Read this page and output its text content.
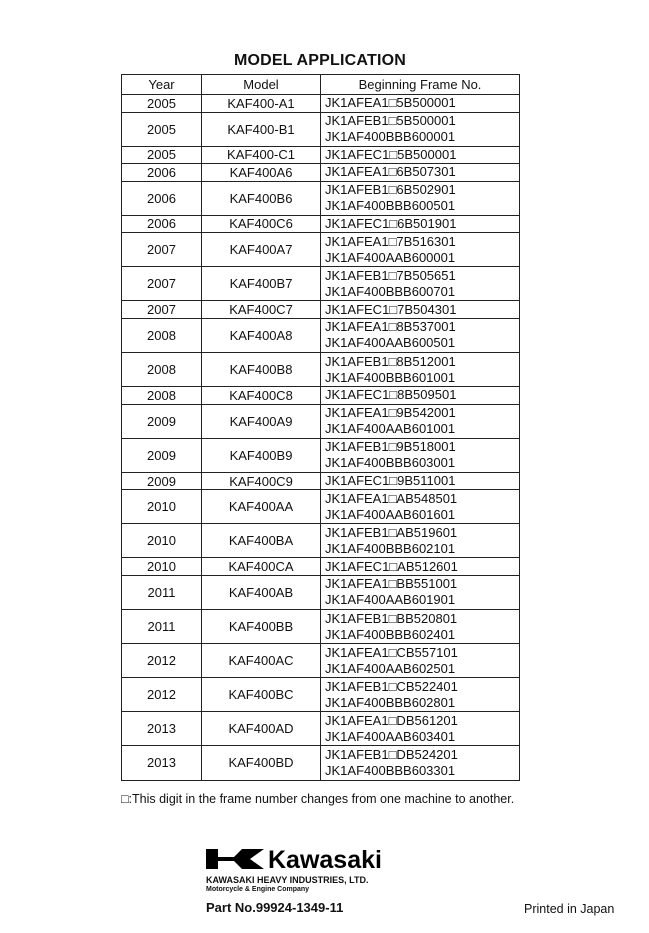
MODEL APPLICATION
Year	Model	Beginning Frame No.
2005	KAF400-A1	JK1AFEA1□5B500001

2005	KAF400-B1	JK1AFEB1□5B500001
JK1AF400BBB600001

2005	KAF400-C1	JK1AFEC1□5B500001

2006	KAF400A6	JK1AFEA1□6B507301

2006	KAF400B6	JK1AFEB1□6B502901
JK1AF400BBB600501

2006	KAF400C6	JK1AFEC1□6B501901

2007	KAF400A7	JK1AFEA1□7B516301
JK1AF400AAB600001

2007	KAF400B7	JK1AFEB1□7B505651
JK1AF400BBB600701

2007	KAF400C7	JK1AFEC1□7B504301

2008	KAF400A8	JK1AFEA1□8B537001
JK1AF400AAB600501

2008	KAF400B8	JK1AFEB1□8B512001
JK1AF400BBB601001

2008	KAF400C8	JK1AFEC1□8B509501

2009	KAF400A9	JK1AFEA1□9B542001
JK1AF400AAB601001

2009	KAF400B9	JK1AFEB1□9B518001
JK1AF400BBB603001

2009	KAF400C9	JK1AFEC1□9B511001

2010	KAF400AA	JK1AFEA1□AB548501
JK1AF400AAB601601

2010	KAF400BA	JK1AFEB1□AB519601
JK1AF400BBB602101

2010	KAF400CA	JK1AFEC1□AB512601

2011	KAF400AB	JK1AFEA1□BB551001
JK1AF400AAB601901

2011	KAF400BB	JK1AFEB1□BB520801
JK1AF400BBB602401

2012	KAF400AC	JK1AFEA1□CB557101
JK1AF400AAB602501

2012	KAF400BC	JK1AFEB1□CB522401
JK1AF400BBB602801

2013	KAF400AD	JK1AFEA1□DB561201
JK1AF400AAB603401

2013	KAF400BD	JK1AFEB1□DB524201
JK1AF400BBB603301
□:This digit in the frame number changes from one machine to another.
Kawasaki
KAWASAKI HEAVY INDUSTRIES, LTD.
Motorcycle & Engine Company
Part No.99924-1349-11	Printed in Japan
